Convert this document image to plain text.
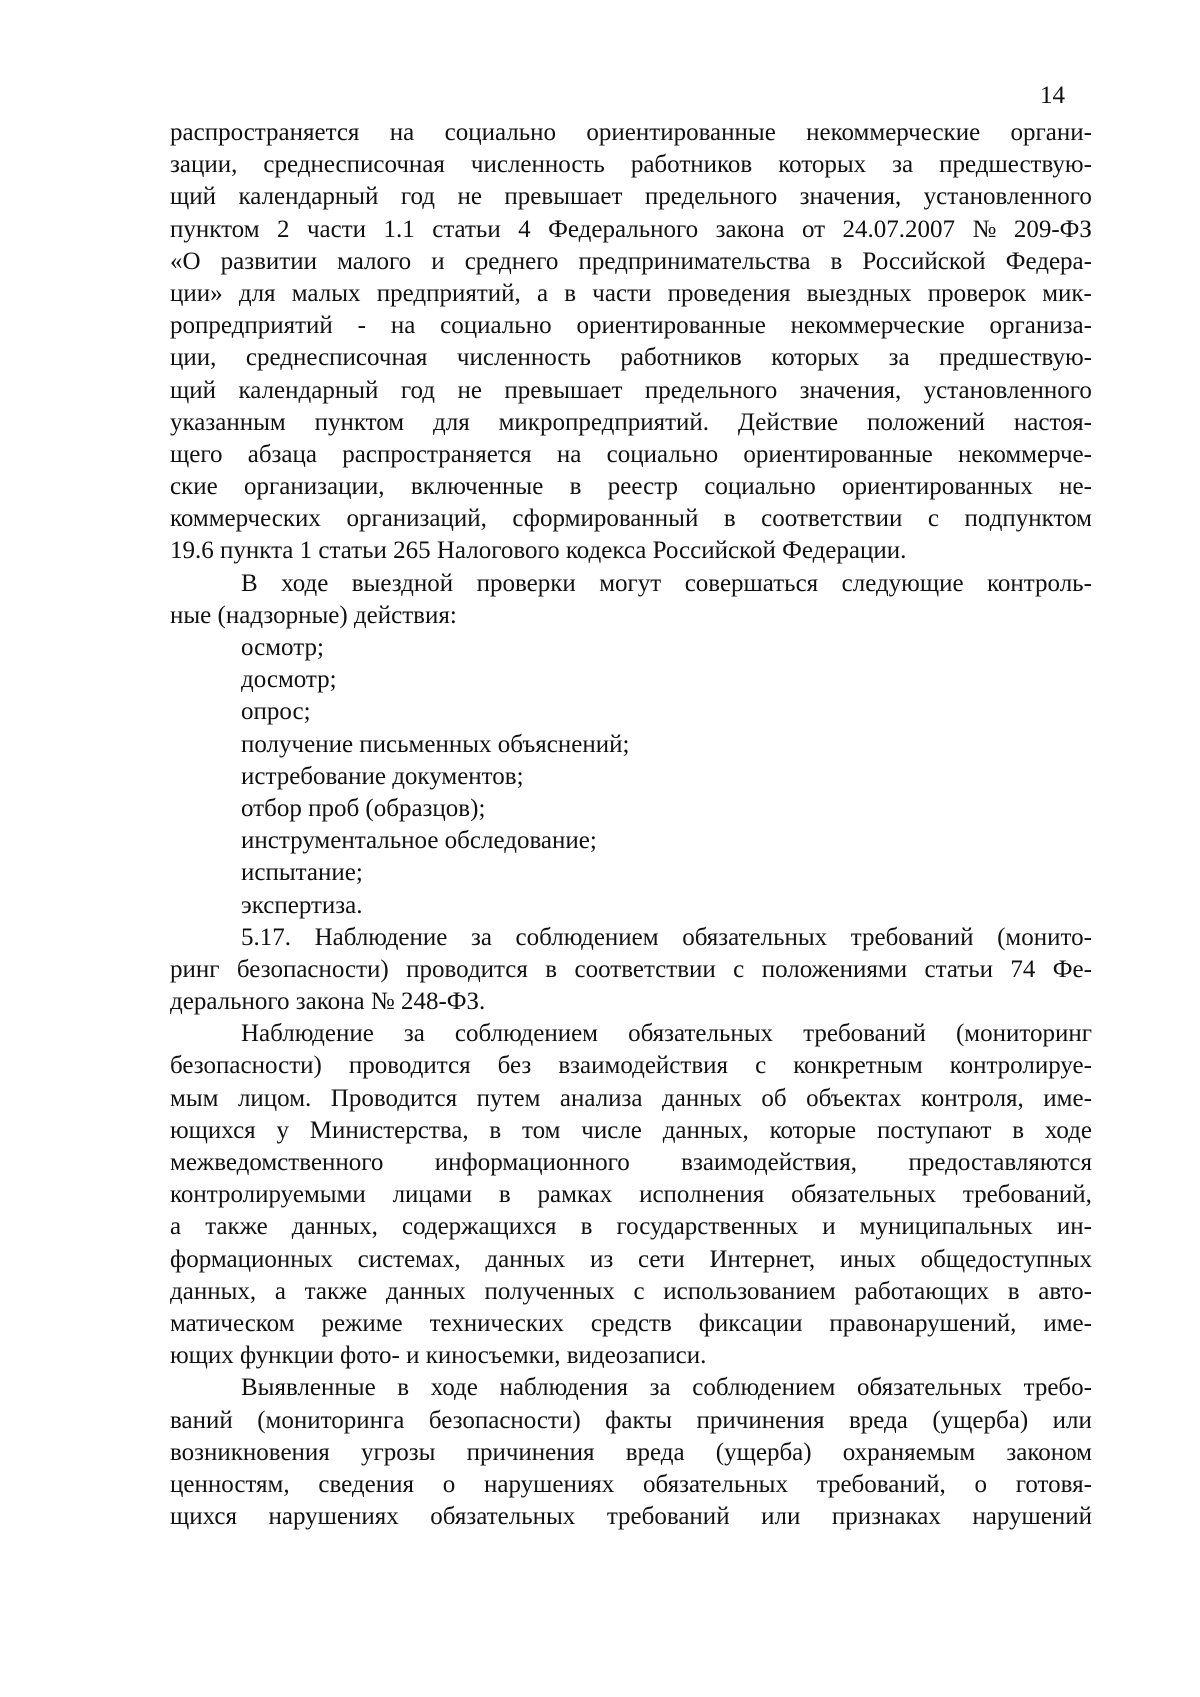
14
распространяется на социально ориентированные некоммерческие органи-
зации, среднесписочная численность работников которых за предшествую-
щий календарный год не превышает предельного значения, установленного
пунктом 2 части 1.1 статьи 4 Федерального закона от 24.07.2007 № 209-ФЗ
«О развитии малого и среднего предпринимательства в Российской Федера-
ции» для малых предприятий, а в части проведения выездных проверок мик-
ропредприятий - на социально ориентированные некоммерческие организа-
ции, среднесписочная численность работников которых за предшествую-
щий календарный год не превышает предельного значения, установленного
указанным пунктом для микропредприятий. Действие положений настоя-
щего абзаца распространяется на социально ориентированные некоммерче-
ские организации, включенные в реестр социально ориентированных не-
коммерческих организаций, сформированный в соответствии с подпунктом
19.6 пункта 1 статьи 265 Налогового кодекса Российской Федерации.
В ходе выездной проверки могут совершаться следующие контроль-
ные (надзорные) действия:
осмотр;
досмотр;
опрос;
получение письменных объяснений;
истребование документов;
отбор проб (образцов);
инструментальное обследование;
испытание;
экспертиза.
5.17. Наблюдение за соблюдением обязательных требований (монито-
ринг безопасности) проводится в соответствии с положениями статьи 74 Фе-
дерального закона № 248-ФЗ.
Наблюдение за соблюдением обязательных требований (мониторинг
безопасности) проводится без взаимодействия с конкретным контролируе-
мым лицом. Проводится путем анализа данных об объектах контроля, име-
ющихся у Министерства, в том числе данных, которые поступают в ходе
межведомственного информационного взаимодействия, предоставляются
контролируемыми лицами в рамках исполнения обязательных требований,
а также данных, содержащихся в государственных и муниципальных ин-
формационных системах, данных из сети Интернет, иных общедоступных
данных, а также данных полученных с использованием работающих в авто-
матическом режиме технических средств фиксации правонарушений, име-
ющих функции фото- и киносъемки, видеозаписи.
Выявленные в ходе наблюдения за соблюдением обязательных требо-
ваний (мониторинга безопасности) факты причинения вреда (ущерба) или
возникновения угрозы причинения вреда (ущерба) охраняемым законом
ценностям, сведения о нарушениях обязательных требований, о готовя-
щихся нарушениях обязательных требований или признаках нарушений
